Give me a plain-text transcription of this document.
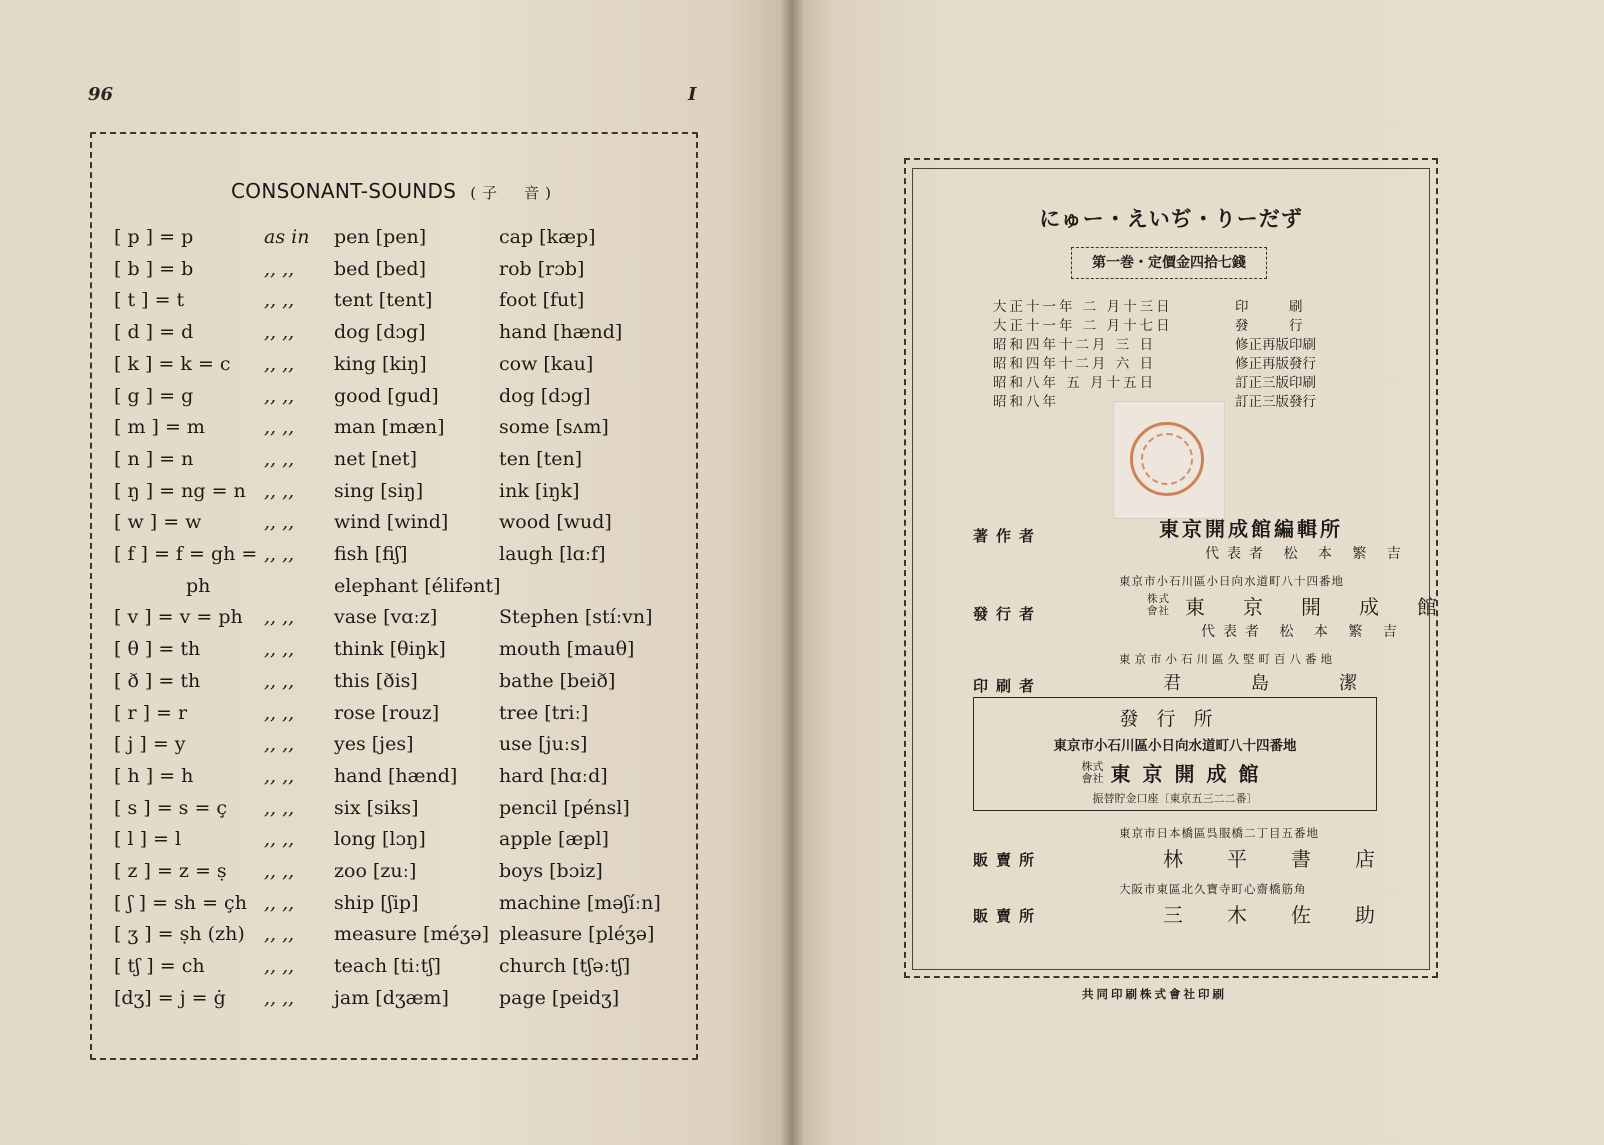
96	I
CONSONANT-SOUNDS (子　音)
[ p ] = p	as in pen [pen]	cap [kæp]
[ b ] = b	,, ,, bed [bed]	rob [rɔb]
[ t ] = t	,, ,, tent [tent]	foot [fut]
[ d ] = d	,, ,, dog [dɔg]	hand [hænd]
[ k ] = k = c ,, ,, king [kiŋ]	cow [kau]
[ g ] = g	,, ,, good [gud]	dog [dɔg]
[ m ] = m	,, ,, man [mæn]	some [sʌm]
[ n ] = n	,, ,, net [net]	ten [ten]
[ ŋ ] = ng = n ,, ,, sing [siŋ]	ink [iŋk]
[ w ] = w	,, ,, wind [wind]	wood [wud]
[ f ] = f = gh = ,, ,, fish [fiʃ]	laugh [lɑːf]
ph	elephant [élifənt]
[ v ] = v = ph ,, ,, vase [vɑːz]	Stephen [stíːvn]
[ θ ] = th	,, ,, think [θiŋk]	mouth [mauθ]
[ ð ] = th	,, ,, this [ðis]	bathe [beið]
[ r ] = r	,, ,, rose [rouz]	tree [triː]
[ j ] = y	,, ,, yes [jes]	use [juːs]
[ h ] = h	,, ,, hand [hænd] hard [hɑːd]
[ s ] = s = ç ,, ,, six [siks]	pencil [pénsl]
[ l ] = l	,, ,, long [lɔŋ]	apple [æpl]
[ z ] = z = ṣ ,, ,, zoo [zuː]	boys [bɔiz]
[ ʃ ] = sh = çh ,, ,, ship [ʃip]	machine [məʃíːn]
[ ʒ ] = ṣh (zh) ,, ,, measure [méʒə] pleasure [pléʒə]
[ tʃ ] = ch	,, ,, teach [tiːtʃ]	church [tʃəːtʃ]
[dʒ] = j = ġ ,, ,, jam [dʒæm]	page [peidʒ]
にゅー・えいぢ・りーだず
第一巻・定價金四拾七錢
大正十一年 二 月十三日	印　　　刷
大正十一年 二 月十七日	發　　　行
昭和四年十二月 三 日	修正再版印刷
昭和四年十二月 六 日	修正再版發行
昭和八年 五 月十五日	訂正三版印刷
昭和八年	訂正三版發行
著作者	東京開成館編輯所
代表者 松 本 繁 吉
東京市小石川區小日向水道町八十四番地
發行者
株式會社 東京開成館
代表者 松 本 繁 吉
東京市小石川區久堅町百八番地
印刷者	君島潔
發行所
東京市小石川區小日向水道町八十四番地
株式會社 東京開成館
振替貯金口座〔東京五三二二番〕
東京市日本橋區呉服橋二丁目五番地
販賣所	林平書店
大阪市東區北久寶寺町心齋橋筋角
販賣所	三木佐助
共同印刷株式會社印刷
